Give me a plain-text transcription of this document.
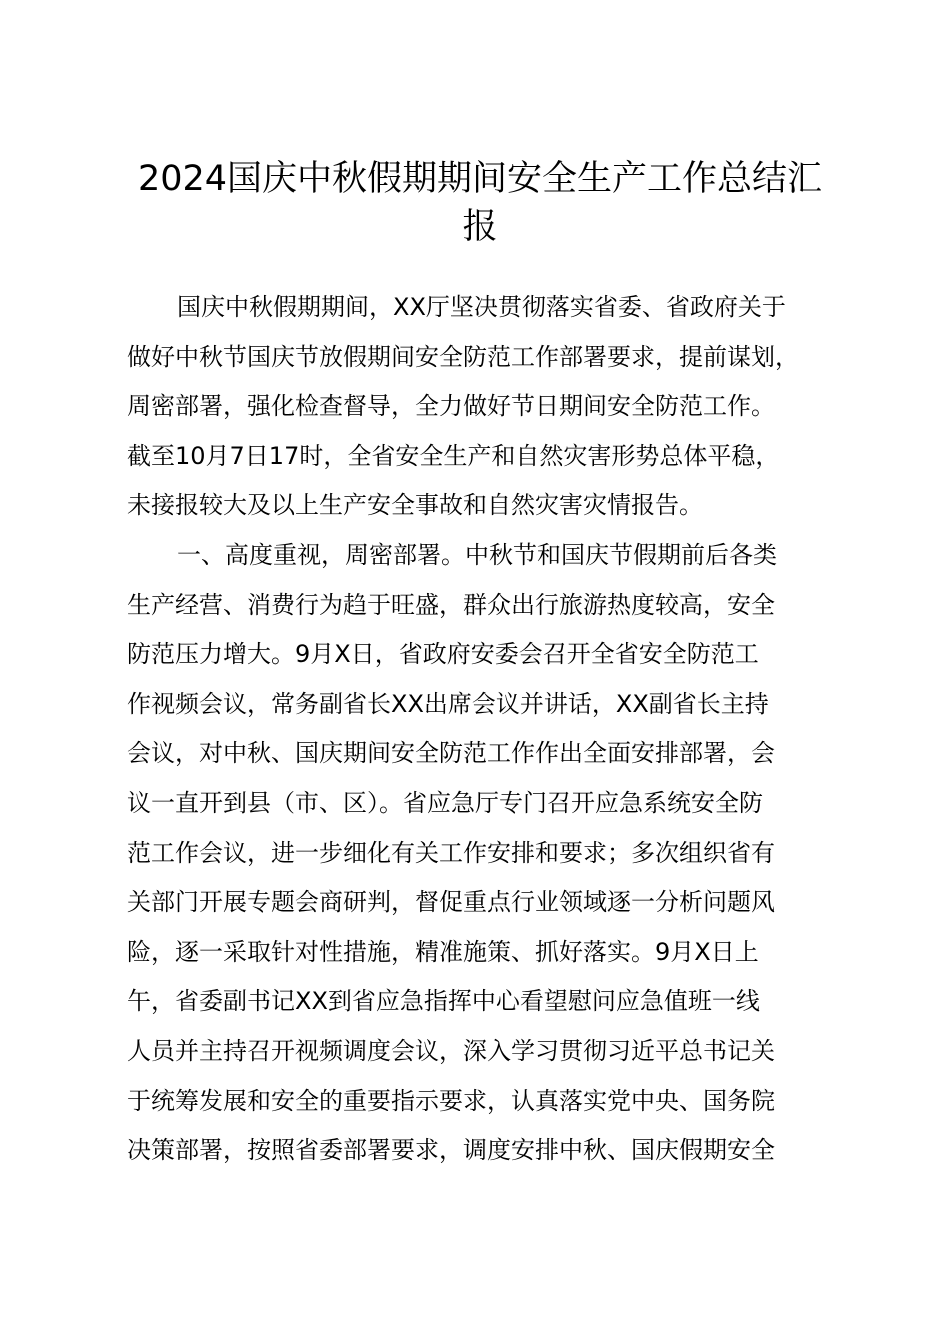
2024国庆中秋假期期间安全生产工作总结汇
报
国庆中秋假期期间，XX厅坚决贯彻落实省委、省政府关于
做好中秋节国庆节放假期间安全防范工作部署要求，提前谋划，
周密部署，强化检查督导，全力做好节日期间安全防范工作。
截至10月7日17时，全省安全生产和自然灾害形势总体平稳，
未接报较大及以上生产安全事故和自然灾害灾情报告。
一、高度重视，周密部署。中秋节和国庆节假期前后各类
生产经营、消费行为趋于旺盛，群众出行旅游热度较高，安全
防范压力增大。9月X日，省政府安委会召开全省安全防范工
作视频会议，常务副省长XX出席会议并讲话，XX副省长主持
会议，对中秋、国庆期间安全防范工作作出全面安排部署，会
议一直开到县（市、区）。省应急厅专门召开应急系统安全防
范工作会议，进一步细化有关工作安排和要求；多次组织省有
关部门开展专题会商研判，督促重点行业领域逐一分析问题风
险，逐一采取针对性措施，精准施策、抓好落实。9月X日上
午，省委副书记XX到省应急指挥中心看望慰问应急值班一线
人员并主持召开视频调度会议，深入学习贯彻习近平总书记关
于统筹发展和安全的重要指示要求，认真落实党中央、国务院
决策部署，按照省委部署要求，调度安排中秋、国庆假期安全
